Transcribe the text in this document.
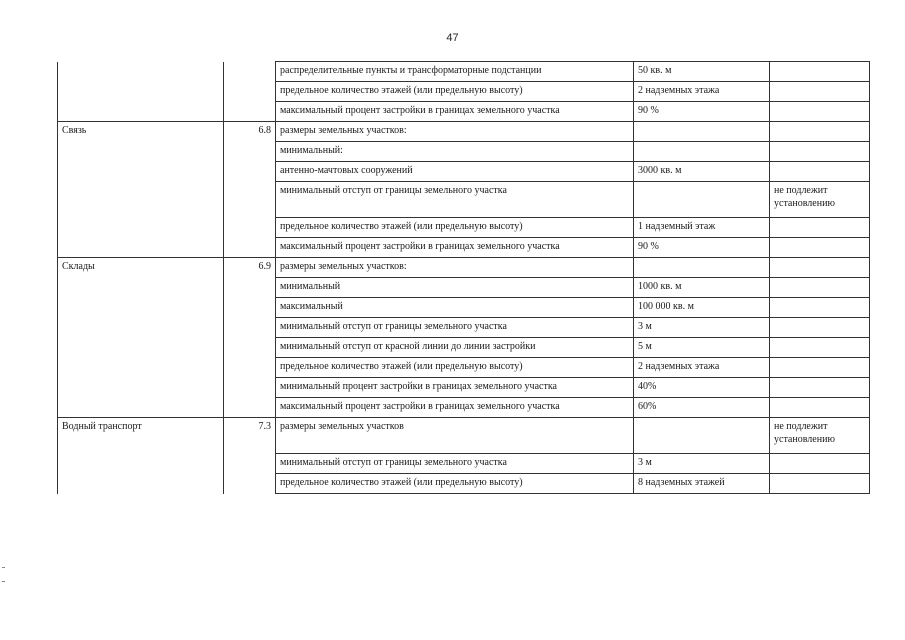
47

		распределительные пункты и трансформаторные подстанции	50 кв. м	

		предельное количество этажей (или предельную высоту)	2 надземных этажа	

		максимальный процент застройки в границах земельного участка	90 %	

Связь	6.8	размеры земельных участков:		

		минимальный:		

		антенно-мачтовых сооружений	3000 кв. м	

		минимальный отступ от границы земельного участка		не подлежит установлению

		предельное количество этажей (или предельную высоту)	1 надземный этаж	

		максимальный процент застройки в границах земельного участка	90 %	

Склады	6.9	размеры земельных участков:		

		минимальный	1000 кв. м	

		максимальный	100 000 кв. м	

		минимальный отступ от границы земельного участка	3 м	

		минимальный отступ от красной линии до линии застройки	5 м	

		предельное количество этажей (или предельную высоту)	2 надземных этажа	

		минимальный процент застройки в границах земельного участка	40%	

		максимальный процент застройки в границах земельного участка	60%	

Водный транспорт	7.3	размеры земельных участков		не подлежит установлению

		минимальный отступ от границы земельного участка	3 м	

		предельное количество этажей (или предельную высоту)	8 надземных этажей	
